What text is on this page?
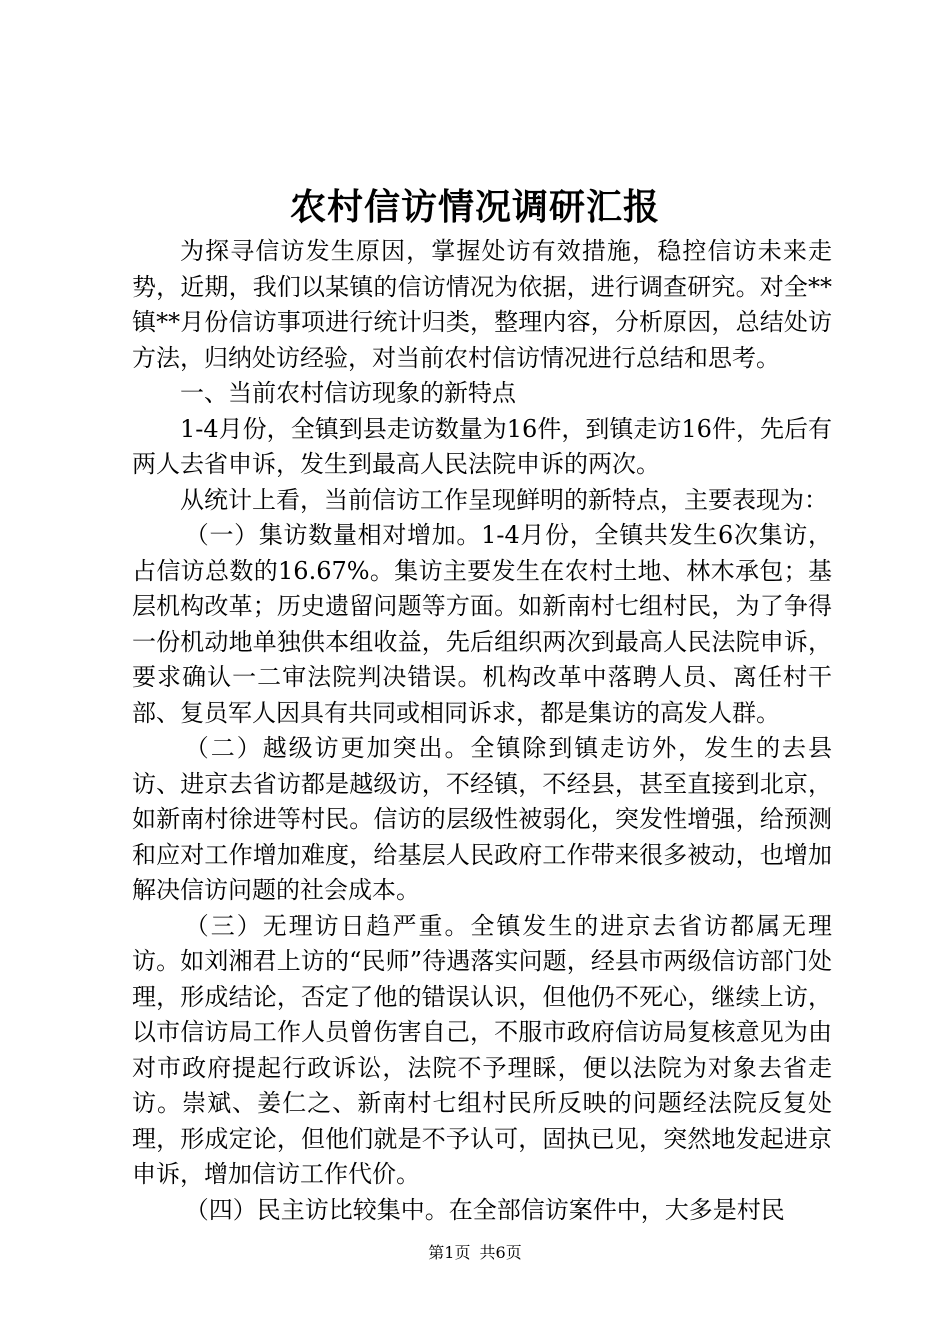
农村信访情况调研汇报

为探寻信访发生原因，掌握处访有效措施，稳控信访未来走势，近期，我们以某镇的信访情况为依据，进行调查研究。对全**镇**月份信访事项进行统计归类，整理内容，分析原因，总结处访方法，归纳处访经验，对当前农村信访情况进行总结和思考。

一、当前农村信访现象的新特点

1-4月份，全镇到县走访数量为16件，到镇走访16件，先后有两人去省申诉，发生到最高人民法院申诉的两次。

从统计上看，当前信访工作呈现鲜明的新特点，主要表现为：

（一）集访数量相对增加。1-4月份，全镇共发生6次集访，占信访总数的16.67%。集访主要发生在农村土地、林木承包；基层机构改革；历史遗留问题等方面。如新南村七组村民，为了争得一份机动地单独供本组收益，先后组织两次到最高人民法院申诉，要求确认一二审法院判决错误。机构改革中落聘人员、离任村干部、复员军人因具有共同或相同诉求，都是集访的高发人群。

（二）越级访更加突出。全镇除到镇走访外，发生的去县访、进京去省访都是越级访，不经镇，不经县，甚至直接到北京，如新南村徐进等村民。信访的层级性被弱化，突发性增强，给预测和应对工作增加难度，给基层人民政府工作带来很多被动，也增加解决信访问题的社会成本。

（三）无理访日趋严重。全镇发生的进京去省访都属无理访。如刘湘君上访的“民师”待遇落实问题，经县市两级信访部门处理，形成结论，否定了他的错误认识，但他仍不死心，继续上访，以市信访局工作人员曾伤害自己，不服市政府信访局复核意见为由对市政府提起行政诉讼，法院不予理睬，便以法院为对象去省走访。崇斌、姜仁之、新南村七组村民所反映的问题经法院反复处理，形成定论，但他们就是不予认可，固执已见，突然地发起进京申诉，增加信访工作代价。

（四）民主访比较集中。在全部信访案件中，大多是村民

第1页 共6页
